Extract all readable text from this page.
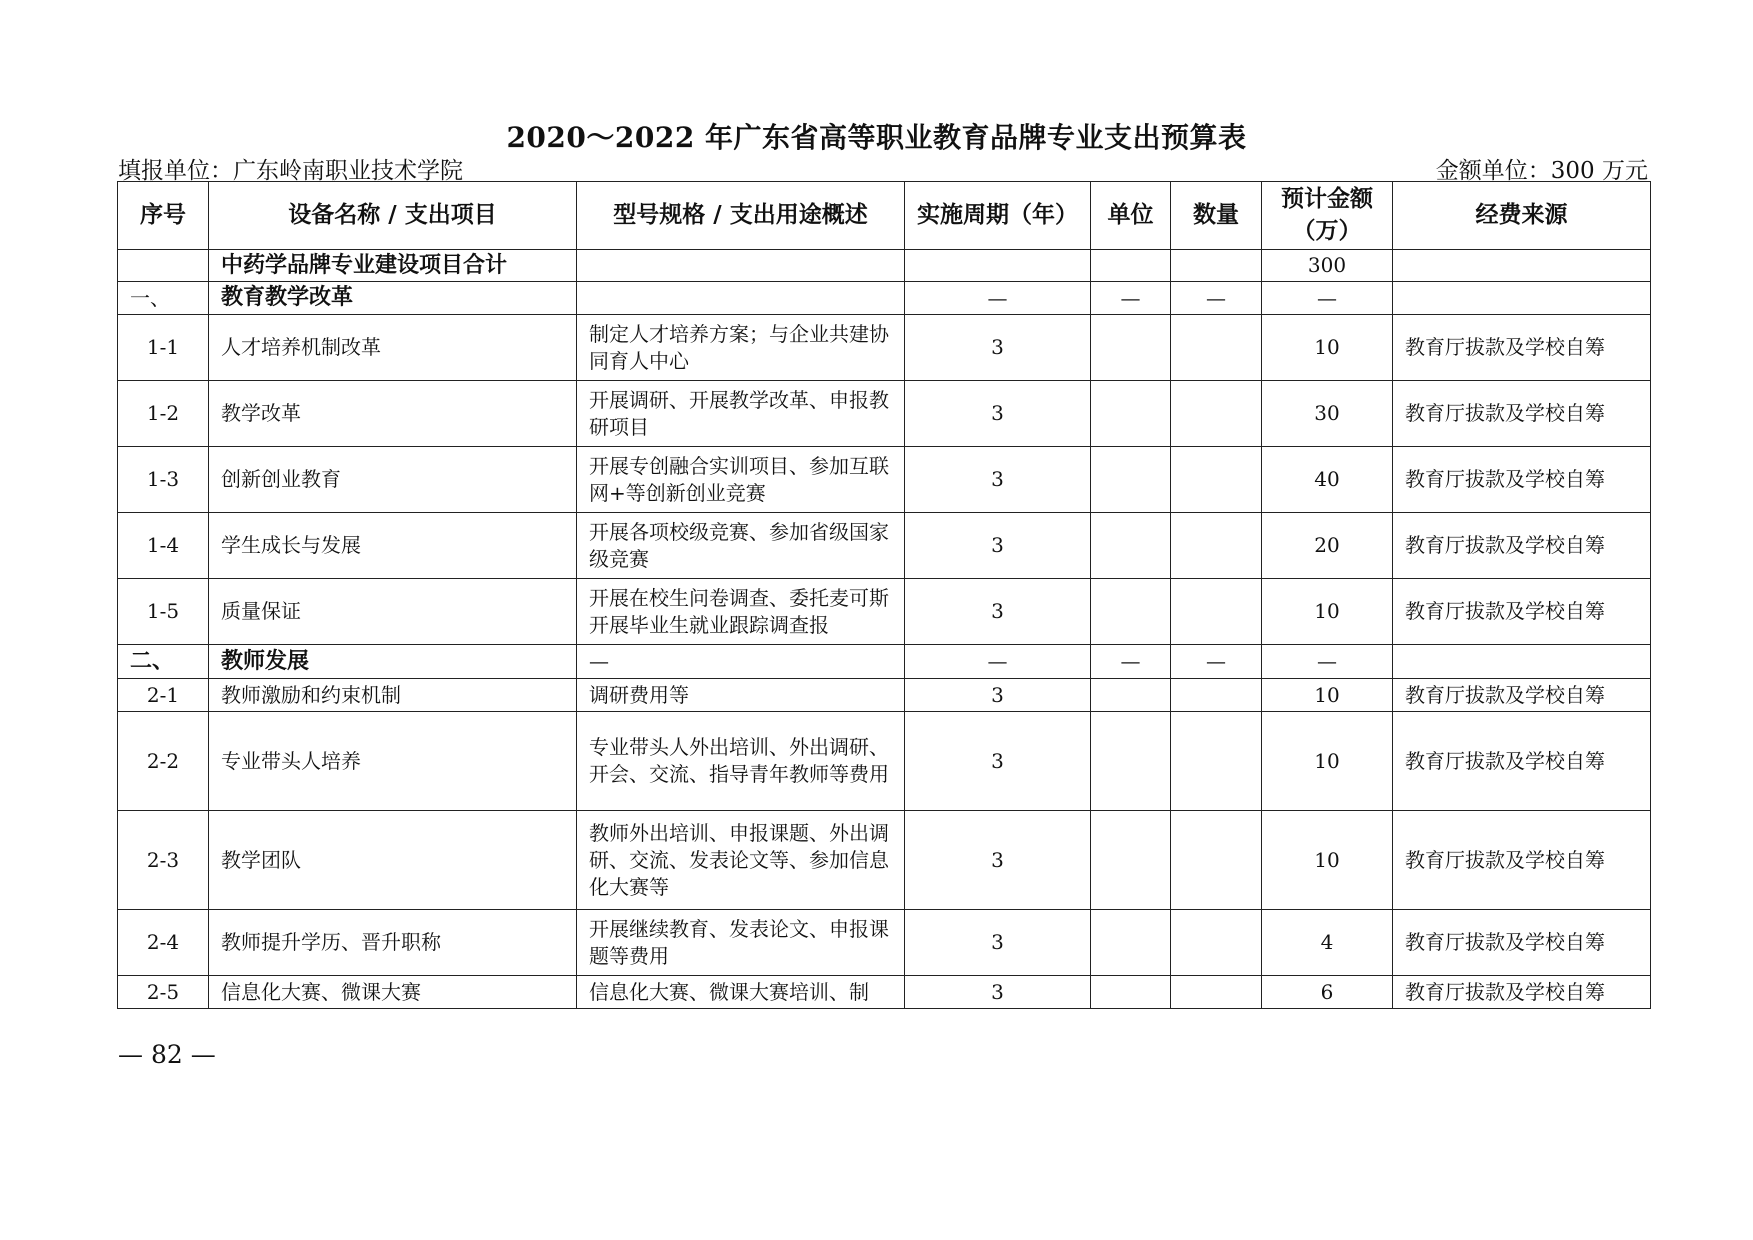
2020～2022 年广东省高等职业教育品牌专业支出预算表
填报单位：广东岭南职业技术学院	金额单位：300 万元
序号	设备名称 / 支出项目	型号规格 / 支出用途概述	实施周期（年）	单位	数量	预计金额（万）	经费来源
	中药学品牌专业建设项目合计					300	
一、	教育教学改革		—	—	—	—	
1-1	人才培养机制改革	制定人才培养方案；与企业共建协同育人中心	3			10	教育厅拔款及学校自筹
1-2	教学改革	开展调研、开展教学改革、申报教研项目	3			30	教育厅拔款及学校自筹
1-3	创新创业教育	开展专创融合实训项目、参加互联网+等创新创业竞赛	3			40	教育厅拔款及学校自筹
1-4	学生成长与发展	开展各项校级竞赛、参加省级国家级竞赛	3			20	教育厅拔款及学校自筹
1-5	质量保证	开展在校生问卷调查、委托麦可斯开展毕业生就业跟踪调查报	3			10	教育厅拔款及学校自筹
二、	教师发展	—	—	—	—	—	
2-1	教师激励和约束机制	调研费用等	3			10	教育厅拔款及学校自筹
2-2	专业带头人培养	专业带头人外出培训、外出调研、开会、交流、指导青年教师等费用	3			10	教育厅拔款及学校自筹
2-3	教学团队	教师外出培训、申报课题、外出调研、交流、发表论文等、参加信息化大赛等	3			10	教育厅拔款及学校自筹
2-4	教师提升学历、晋升职称	开展继续教育、发表论文、申报课题等费用	3			4	教育厅拔款及学校自筹
2-5	信息化大赛、微课大赛	信息化大赛、微课大赛培训、制	3			6	教育厅拔款及学校自筹
— 82 —
